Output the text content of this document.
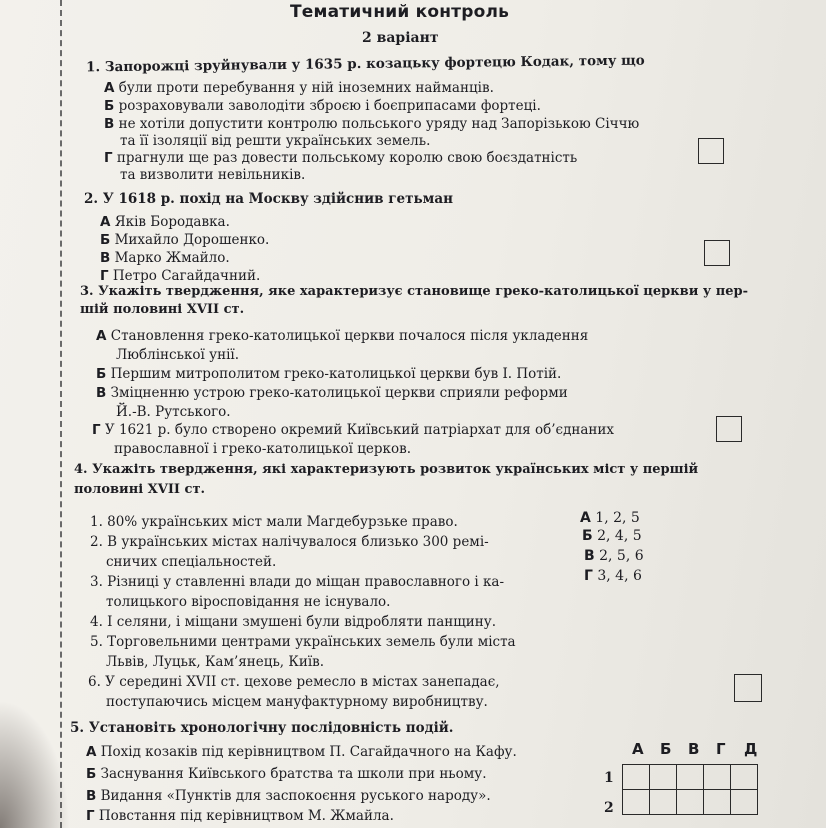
Тематичний контроль
2 варіант
1. Запорожці зруйнували у 1635 р. козацьку фортецю Кодак, тому що
А були проти перебування у ній іноземних найманців.
Б розраховували заволодіти зброєю і боєприпасами фортеці.
В не хотіли допустити контролю польського уряду над Запорізькою Січчю
та її ізоляції від решти українських земель.
Г прагнули ще раз довести польському королю свою боєздатність
та визволити невільників.
2. У 1618 р. похід на Москву здійснив гетьман
А Яків Бородавка.
Б Михайло Дорошенко.
В Марко Жмайло.
Г Петро Сагайдачний.
3. Укажіть твердження, яке характеризує становище греко-католицької церкви у пер-
шій половині XVII ст.
А Становлення греко-католицької церкви почалося після укладення
Люблінської унії.
Б Першим митрополитом греко-католицької церкви був І. Потій.
В Зміцненню устрою греко-католицької церкви сприяли реформи
Й.-В. Рутського.
Г У 1621 р. було створено окремий Київський патріархат для об’єднаних
православної і греко-католицької церков.
4. Укажіть твердження, які характеризують розвиток українських міст у першій
половині XVII ст.
1. 80% українських міст мали Магдебурзьке право.
2. В українських містах налічувалося близько 300 ремі-
сничих спеціальностей.
3. Різниці у ставленні влади до міщан православного і ка-
толицького віросповідання не існувало.
4. І селяни, і міщани змушені були відробляти панщину.
5. Торговельними центрами українських земель були міста
Львів, Луцьк, Кам’янець, Київ.
6. У середині XVII ст. цехове ремесло в містах занепадає,
поступаючись місцем мануфактурному виробництву.
А 1, 2, 5
Б 2, 4, 5
В 2, 5, 6
Г 3, 4, 6
5. Установіть хронологічну послідовність подій.
А Похід козаків під керівництвом П. Сагайдачного на Кафу.
Б Заснування Київського братства та школи при ньому.
В Видання «Пунктів для заспокоєння руського народу».
Г Повстання під керівництвом М. Жмайла.
А Б В Г Д
1
2
